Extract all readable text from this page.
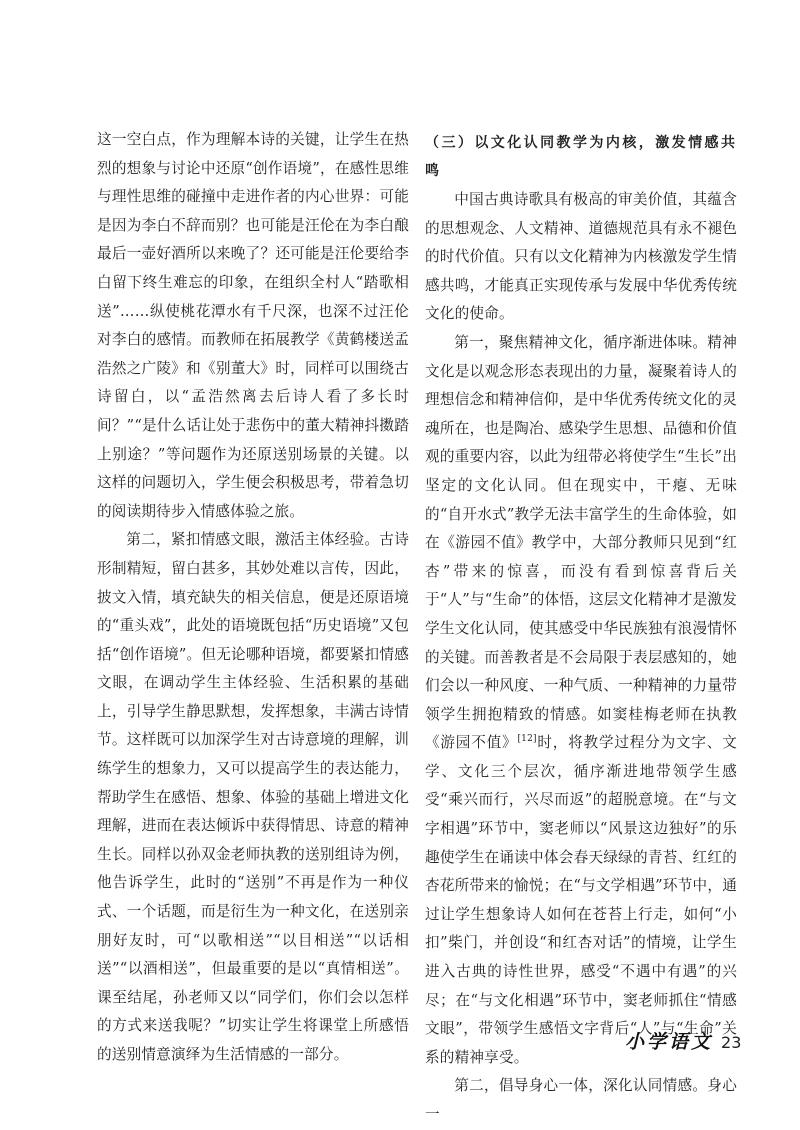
这一空白点，作为理解本诗的关键，让学生在热烈的想象与讨论中还原“创作语境”，在感性思维与理性思维的碰撞中走进作者的内心世界：可能是因为李白不辞而别？也可能是汪伦在为李白酿最后一壶好酒所以来晚了？还可能是汪伦要给李白留下终生难忘的印象，在组织全村人“踏歌相送”……纵使桃花潭水有千尺深，也深不过汪伦对李白的感情。而教师在拓展教学《黄鹤楼送孟浩然之广陵》和《别董大》时，同样可以围绕古诗留白，以“孟浩然离去后诗人看了多长时间？”“是什么话让处于悲伤中的董大精神抖擞踏上别途？”等问题作为还原送别场景的关键。以这样的问题切入，学生便会积极思考，带着急切的阅读期待步入情感体验之旅。

第二，紧扣情感文眼，激活主体经验。古诗形制精短，留白甚多，其妙处难以言传，因此，披文入情，填充缺失的相关信息，便是还原语境的“重头戏”，此处的语境既包括“历史语境”又包括“创作语境”。但无论哪种语境，都要紧扣情感文眼，在调动学生主体经验、生活积累的基础上，引导学生静思默想，发挥想象，丰满古诗情节。这样既可以加深学生对古诗意境的理解，训练学生的想象力，又可以提高学生的表达能力，帮助学生在感悟、想象、体验的基础上增进文化理解，进而在表达倾诉中获得情思、诗意的精神生长。同样以孙双金老师执教的送别组诗为例，他告诉学生，此时的“送别”不再是作为一种仪式、一个话题，而是衍生为一种文化，在送别亲朋好友时，可“以歌相送”“以目相送”“以话相送”“以酒相送”，但最重要的是以“真情相送”。课至结尾，孙老师又以“同学们，你们会以怎样的方式来送我呢？”切实让学生将课堂上所感悟的送别情意演绎为生活情感的一部分。

（三）以文化认同教学为内核，激发情感共鸣

中国古典诗歌具有极高的审美价值，其蕴含的思想观念、人文精神、道德规范具有永不褪色的时代价值。只有以文化精神为内核激发学生情感共鸣，才能真正实现传承与发展中华优秀传统文化的使命。

第一，聚焦精神文化，循序渐进体味。精神文化是以观念形态表现出的力量，凝聚着诗人的理想信念和精神信仰，是中华优秀传统文化的灵魂所在，也是陶冶、感染学生思想、品德和价值观的重要内容，以此为纽带必将使学生“生长”出坚定的文化认同。但在现实中，干瘪、无味的“自开水式”教学无法丰富学生的生命体验，如在《游园不值》教学中，大部分教师只见到“红杏”带来的惊喜，而没有看到惊喜背后关于“人”与“生命”的体悟，这层文化精神才是激发学生文化认同，使其感受中华民族独有浪漫情怀的关键。而善教者是不会局限于表层感知的，她们会以一种风度、一种气质、一种精神的力量带领学生拥抱精致的情感。如窦桂梅老师在执教《游园不值》[12]时，将教学过程分为文字、文学、文化三个层次，循序渐进地带领学生感受“乘兴而行，兴尽而返”的超脱意境。在“与文字相遇”环节中，窦老师以“风景这边独好”的乐趣使学生在诵读中体会春天绿绿的青苔、红红的杏花所带来的愉悦；在“与文学相遇”环节中，通过让学生想象诗人如何在苍苔上行走，如何“小扣”柴门，并创设“和红杏对话”的情境，让学生进入古典的诗性世界，感受“不遇中有遇”的兴尽；在“与文化相遇”环节中，窦老师抓住“情感文眼”，带领学生感悟文字背后“人”与“生命”关系的精神享受。

第二，倡导身心一体，深化认同情感。身心一

小学语文 23
